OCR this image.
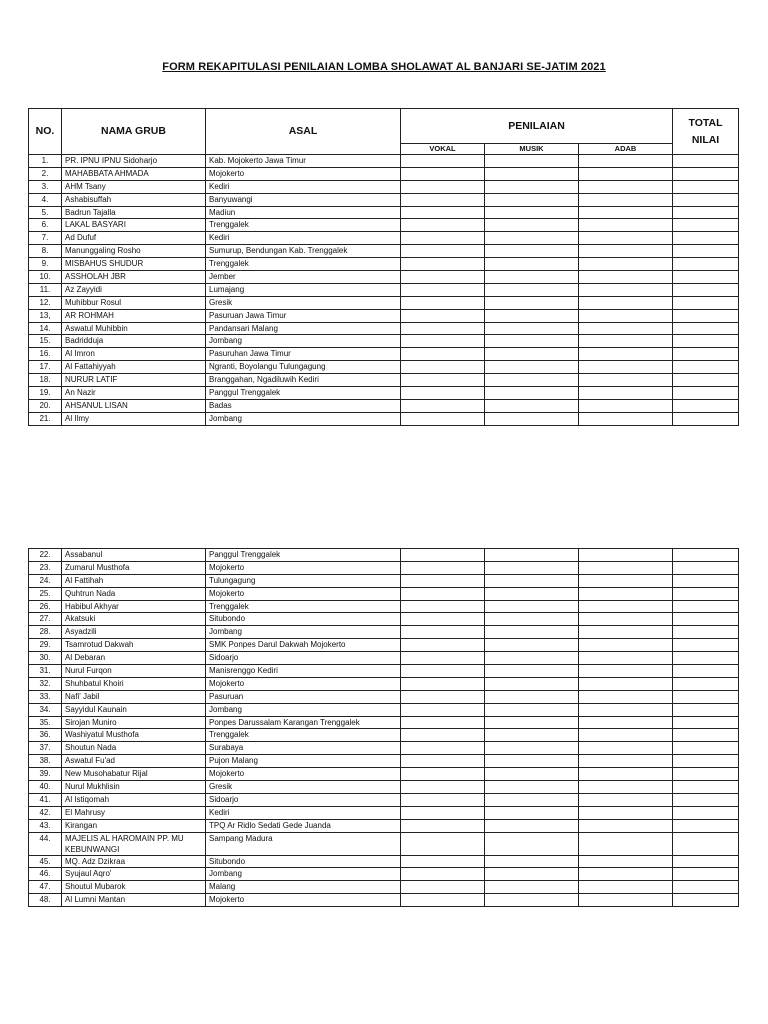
FORM REKAPITULASI PENILAIAN LOMBA SHOLAWAT AL BANJARI SE-JATIM 2021
NO.	NAMA GRUB	ASAL	PENILAIAN			TOTAL
NILAI

			VOKAL	MUSIK	ADAB	
1.	PR. IPNU IPNU Sidoharjo	Kab. Mojokerto Jawa Timur				
2.	MAHABBATA AHMADA	Mojokerto				
3.	AHM Tsany	Kediri				
4.	Ashabisuffah	Banyuwangi				
5.	Badrun Tajalla	Madiun				
6.	LAKAL BASYARI	Trenggalek				
7.	Ad Dufuf	Kediri				
8.	Manunggaling Rosho	Sumurup, Bendungan Kab. Trenggalek				
9.	MISBAHUS SHUDUR	Trenggalek				
10.	ASSHOLAH JBR	Jember				
11.	Az Zayyidi	Lumajang				
12.	Muhibbur Rosul	Gresik				
13,	AR ROHMAH	Pasuruan Jawa Timur				
14.	Aswatul Muhibbin	Pandansari Malang				
15.	Badridduja	Jombang				
16.	Al Imron	Pasuruhan Jawa Timur				
17.	Al Fattahiyyah	Ngranti, Boyolangu Tulungagung				
18.	NURUR LATIF	Branggahan, Ngadiluwih Kediri				
19.	An Nazir	Panggul Trenggalek				
20.	AHSANUL LISAN	Badas				
21.	Al Ilmy	Jombang				
22.	Assabanul	Panggul Trenggalek				
23.	Zumarul Musthofa	Mojokerto				
24.	Al Fattihah	Tulungagung				
25.	Quhtrun Nada	Mojokerto				
26.	Habibul Akhyar	Trenggalek				
27.	Akatsuki	Situbondo				
28.	Asyadzili	Jombang				
29.	Tsamrotud Dakwah	SMK Ponpes Darul Dakwah Mojokerto				
30.	Al Debaran	Sidoarjo				
31.	Nurul Furqon	Manisrenggo Kediri				
32.	Shuhbatul Khoiri	Mojokerto				
33.	Nafi' Jabil	Pasuruan				
34.	Sayyidul Kaunain	Jombang				
35.	Sirojan Muniro	Ponpes Darussalam Karangan Trenggalek				
36.	Washiyatul Musthofa	Trenggalek				
37.	Shoutun Nada	Surabaya				
38.	Aswatul Fu'ad	Pujon Malang				
39.	New Musohabatur Rijal	Mojokerto				
40.	Nurul Mukhlisin	Gresik				
41.	Al Istiqomah	Sidoarjo				
42.	El Mahrusy	Kediri				
43.	Kirangan	TPQ Ar Ridlo Sedati Gede Juanda				
44.	MAJELIS AL HAROMAIN PP. MU KEBUNWANGI	Sampang Madura				
45.	MQ. Adz Dzikraa	Situbondo				
46.	Syujaul Aqro'	Jombang				
47.	Shoutul Mubarok	Malang				
48.	Al Lumni Mantan	Mojokerto				
